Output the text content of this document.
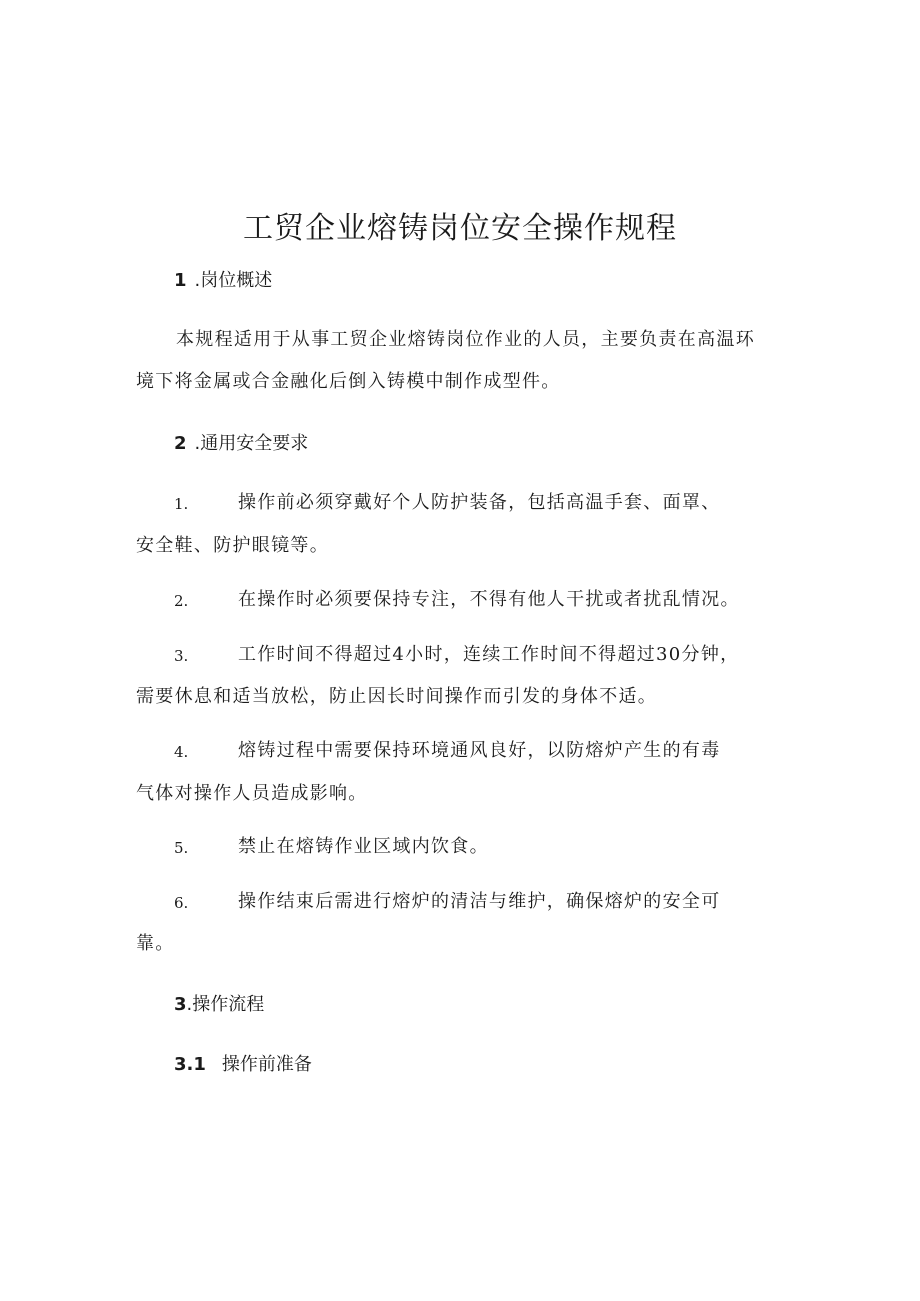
工贸企业熔铸岗位安全操作规程
1 .岗位概述

本规程适用于从事工贸企业熔铸岗位作业的人员，主要负责在高温环

境下将金属或合金融化后倒入铸模中制作成型件。

2 .通用安全要求
1.	操作前必须穿戴好个人防护装备，包括高温手套、面罩、

安全鞋、防护眼镜等。

2.	在操作时必须要保持专注，不得有他人干扰或者扰乱情况。

3.	工作时间不得超过4小时，连续工作时间不得超过30分钟，

需要休息和适当放松，防止因长时间操作而引发的身体不适。

4.	熔铸过程中需要保持环境通风良好，以防熔炉产生的有毒

气体对操作人员造成影响。

5.	禁止在熔铸作业区域内饮食。

6.	操作结束后需进行熔炉的清洁与维护，确保熔炉的安全可

靠。

3.操作流程
3.1 操作前准备
